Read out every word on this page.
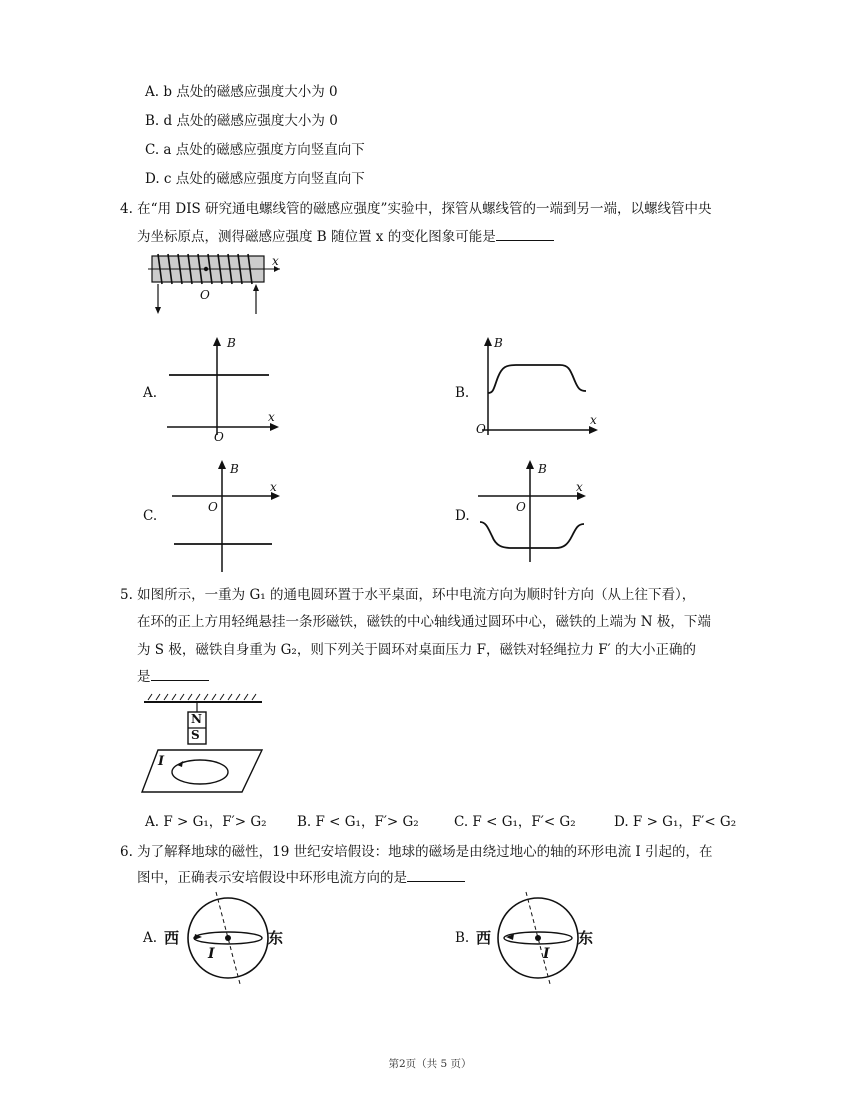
A. b 点处的磁感应强度大小为 0
B. d 点处的磁感应强度大小为 0
C. a 点处的磁感应强度方向竖直向下
D. c 点处的磁感应强度方向竖直向下
4. 在“用 DIS 研究通电螺线管的磁感应强度”实验中，探管从螺线管的一端到另一端，以螺线管中央
为坐标原点，测得磁感应强度 B 随位置 x 的变化图象可能是
x
O
A.
B
x
O
B.
B
x
O
C.
B
x
O
D.
B
x
O
5. 如图所示，一重为 G₁ 的通电圆环置于水平桌面，环中电流方向为顺时针方向（从上往下看），
在环的正上方用轻绳悬挂一条形磁铁，磁铁的中心轴线通过圆环中心，磁铁的上端为 N 极，下端
为 S 极，磁铁自身重为 G₂，则下列关于圆环对桌面压力 F，磁铁对轻绳拉力 F′ 的大小正确的
是
N
S
I
A. F > G₁，F′> G₂ B. F < G₁，F′> G₂	C. F < G₁，F′< G₂	D. F > G₁，F′< G₂
6. 为了解释地球的磁性，19 世纪安培假设：地球的磁场是由绕过地心的轴的环形电流 I 引起的，在
图中，正确表示安培假设中环形电流方向的是
A. 西
I
东	B. 西
I
东
第2页（共 5 页）
